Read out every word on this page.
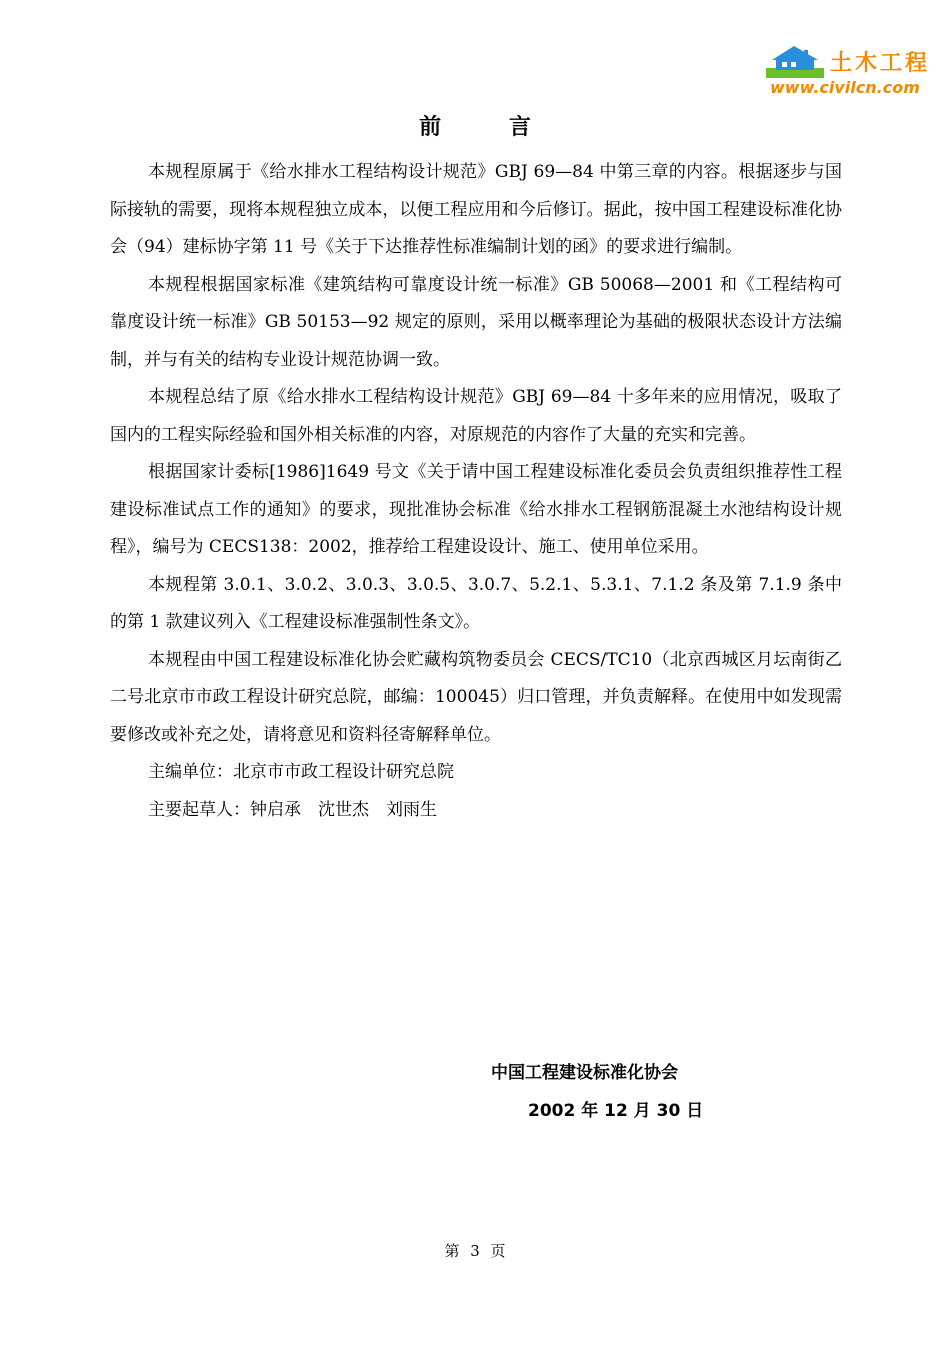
土木工程
www.civilcn.com
前 言

本规程原属于《给水排水工程结构设计规范》GBJ 69—84 中第三章的内容。根据逐步与国际接轨的需要，现将本规程独立成本，以便工程应用和今后修订。据此，按中国工程建设标准化协会（94）建标协字第 11 号《关于下达推荐性标准编制计划的函》的要求进行编制。

本规程根据国家标准《建筑结构可靠度设计统一标准》GB 50068—2001 和《工程结构可靠度设计统一标准》GB 50153—92 规定的原则，采用以概率理论为基础的极限状态设计方法编制，并与有关的结构专业设计规范协调一致。

本规程总结了原《给水排水工程结构设计规范》GBJ 69—84 十多年来的应用情况，吸取了国内的工程实际经验和国外相关标准的内容，对原规范的内容作了大量的充实和完善。

根据国家计委标[1986]1649 号文《关于请中国工程建设标准化委员会负责组织推荐性工程建设标准试点工作的通知》的要求，现批准协会标准《给水排水工程钢筋混凝土水池结构设计规程》，编号为 CECS138：2002，推荐给工程建设设计、施工、使用单位采用。

本规程第 3.0.1、3.0.2、3.0.3、3.0.5、3.0.7、5.2.1、5.3.1、7.1.2 条及第 7.1.9 条中的第 1 款建议列入《工程建设标准强制性条文》。

本规程由中国工程建设标准化协会贮藏构筑物委员会 CECS/TC10（北京西城区月坛南街乙二号北京市市政工程设计研究总院，邮编：100045）归口管理，并负责解释。在使用中如发现需要修改或补充之处，请将意见和资料径寄解释单位。

主编单位：北京市市政工程设计研究总院

主要起草人：钟启承　沈世杰　刘雨生

中国工程建设标准化协会
2002 年 12 月 30 日
第 3 页
